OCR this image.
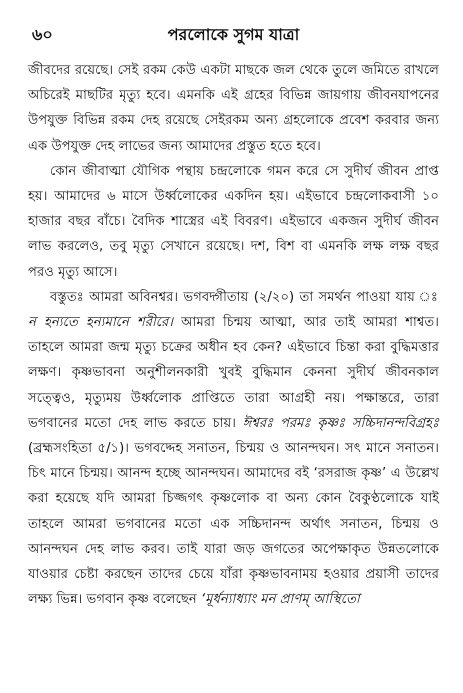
৬০	পরলোকে সুগম যাত্রা

জীবদের রয়েছে। সেই রকম কেউ একটা মাছকে জল থেকে তুলে জমিতে রাখলে অচিরেই মাছটির মৃত্যু হবে। এমনকি এই গ্রহের বিভিন্ন জায়গায় জীবনযাপনের উপযুক্ত বিভিন্ন রকম দেহ রয়েছে সেইরকম অন্য গ্রহলোকে প্রবেশ করবার জন্য এক উপযুক্ত দেহ লাভের জন্য আমাদের প্রস্তুত হতে হবে।

কোন জীবাত্মা যৌগিক পন্থায় চন্দ্রলোকে গমন করে সে সুদীর্ঘ জীবন প্রাপ্ত হয়। আমাদের ৬ মাসে উর্ধ্বলোকের একদিন হয়। এইভাবে চন্দ্রলোকবাসী ১০ হাজার বছর বাঁচে। বৈদিক শাস্ত্রের এই বিবরণ। এইভাবে একজন সুদীর্ঘ জীবন লাভ করলেও, তবু মৃত্যু সেখানে রয়েছে। দশ, বিশ বা এমনকি লক্ষ লক্ষ বছর পরও মৃত্যু আসে।

বস্তুতঃ আমরা অবিনশ্বর। ভগবদ্গীতায় (২/২০) তা সমর্থন পাওয়া যায় ঃ ন হন্যতে হন্যমানে শরীরে। আমরা চিন্ময় আত্মা, আর তাই আমরা শাশ্বত। তাহলে আমরা জন্ম মৃত্যু চক্রের অধীন হব কেন? এইভাবে চিন্তা করা বুদ্ধিমত্তার লক্ষণ। কৃষ্ণভাবনা অনুশীলনকারী খুবই বুদ্ধিমান কেননা সুদীর্ঘ জীবনকাল সত্ত্বেও, মৃত্যুময় উর্ধ্বলোক প্রাপ্তিতে তারা আগ্রহী নয়। পক্ষান্তরে, তারা ভগবানের মতো দেহ লাভ করতে চায়। ঈশ্বরঃ পরমঃ কৃষ্ণঃ সচ্চিদানন্দবিগ্রহঃ (ব্রহ্মসংহিতা ৫/১)। ভগবদ্দেহ সনাতন, চিন্ময় ও আনন্দঘন। সৎ মানে সনাতন। চিৎ মানে চিন্ময়। আনন্দ হচ্ছে আনন্দঘন। আমাদের বই ‘রসরাজ কৃষ্ণ’ এ উল্লেখ করা হয়েছে যদি আমরা চিজ্জগৎ কৃষ্ণলোক বা অন্য কোন বৈকুণ্ঠলোকে যাই তাহলে আমরা ভগবানের মতো এক সচ্চিদানন্দ অর্থাৎ সনাতন, চিন্ময় ও আনন্দঘন দেহ লাভ করব। তাই যারা জড় জগতের অপেক্ষাকৃত উন্নতলোকে যাওয়ার চেষ্টা করছেন তাদের চেয়ে যাঁরা কৃষ্ণভাবনাময় হওয়ার প্রয়াসী তাদের লক্ষ্য ভিন্ন। ভগবান কৃষ্ণ বলেছেন ‘মূর্ধন্যাধ্যাং মন প্রাণম্ আস্থিতো
